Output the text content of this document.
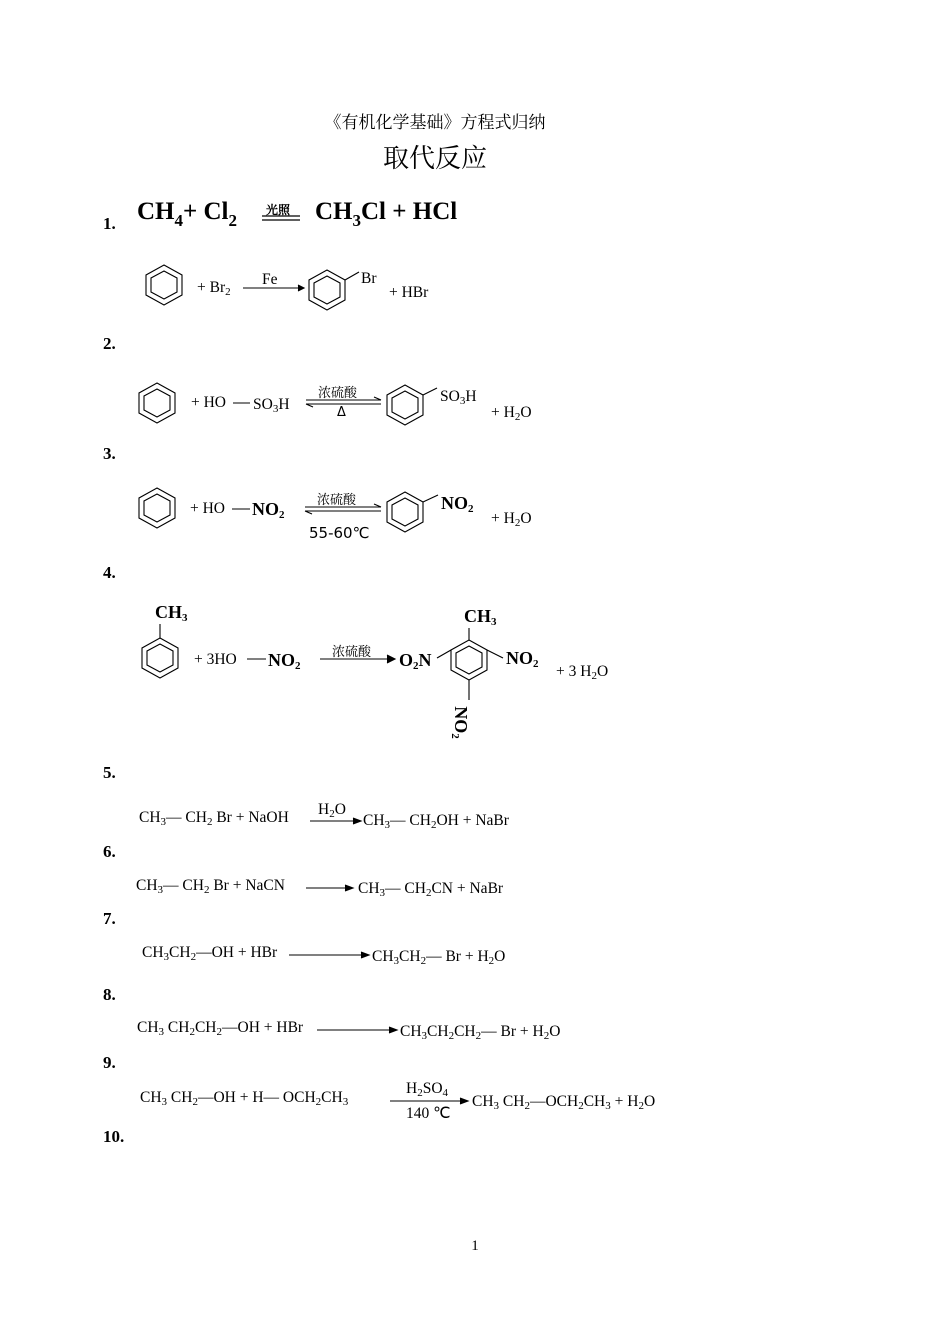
《有机化学基础》方程式归纳
取代反应
1.
2.
3.
4.
5.
6.
7.
8.
9.
10.
$CH_4+ Cl_2$
光照 $CH_3Cl$ + HCl
+ $Br_2$
Fe	Br
+ HBr
+ HO $SO_3H$
浓硫酸
Δ
$SO_3H$
+ $H_2O$
+ HO $NO_2$
浓硫酸
55-60℃
$NO_2$
+ $H_2O$
$CH_3$
+ 3HO $NO_2$
浓硫酸
$CH_3$
$O_2N$	$NO_2$
$NO_2$
+ 3 $H_2O$
$CH_3—$ $CH_2$ Br + NaOH $H_2O$
$CH_3—$ $CH_2OH$ + NaBr
$CH_3—$ $CH_2$ Br + NaCN	$CH_3—$ $CH_2CN$ + NaBr
$CH_3CH_2—OH$ + HBr	$CH_3CH_2—$ $Br + H_2O$
$CH_3$ $CH_2CH_2—OH$ + HBr	$CH_3CH_2CH_2—$ $Br + H_2O$
$CH_3$ $CH_2—OH$ + H— $OCH_2CH_3$
$H_2SO_4$
140 ℃
$CH_3$ $CH_2—OCH_2CH_3 + H_2O$
1
